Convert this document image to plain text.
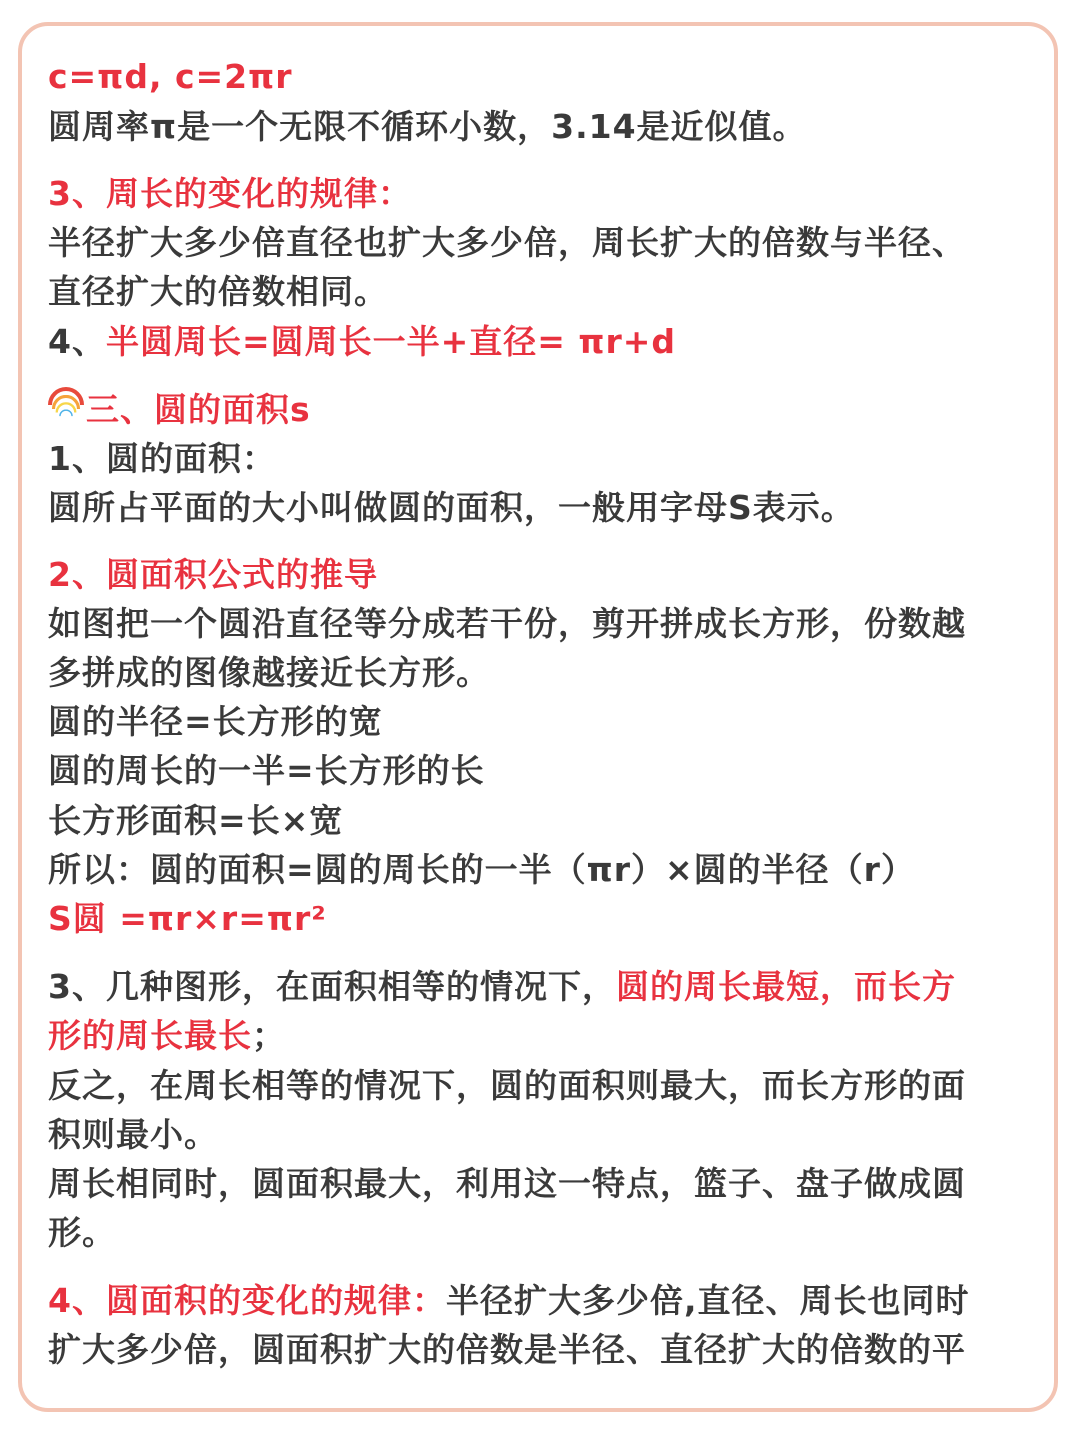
c=πd, c=2πr
圆周率π是一个无限不循环小数，3.14是近似值。
3、周长的变化的规律：
半径扩大多少倍直径也扩大多少倍，周长扩大的倍数与半径、
直径扩大的倍数相同。
4、半圆周长=圆周长一半+直径= πr+d
三、圆的面积s
1、圆的面积：
圆所占平面的大小叫做圆的面积，一般用字母S表示。
2、圆面积公式的推导
如图把一个圆沿直径等分成若干份，剪开拼成长方形，份数越
多拼成的图像越接近长方形。
圆的半径=长方形的宽
圆的周长的一半=长方形的长
长方形面积=长×宽
所以：圆的面积=圆的周长的一半（πr）×圆的半径（r）
S圆 =πr×r=πr²
3、几种图形，在面积相等的情况下，圆的周长最短，而长方
形的周长最长；
反之，在周长相等的情况下，圆的面积则最大，而长方形的面
积则最小。
周长相同时，圆面积最大，利用这一特点，篮子、盘子做成圆
形。
4、圆面积的变化的规律：半径扩大多少倍,直径、周长也同时
扩大多少倍，圆面积扩大的倍数是半径、直径扩大的倍数的平
